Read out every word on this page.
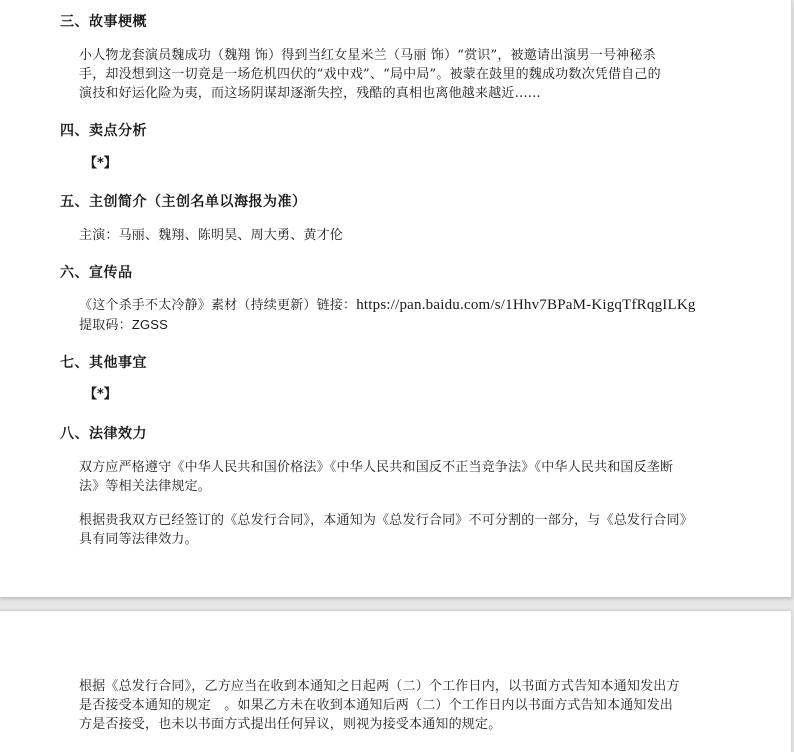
三、故事梗概
小人物龙套演员魏成功（魏翔 饰）得到当红女星米兰（马丽 饰）“赏识”，被邀请出演男一号神秘杀
手，却没想到这一切竟是一场危机四伏的“戏中戏”、“局中局”。被蒙在鼓里的魏成功数次凭借自己的
演技和好运化险为夷，而这场阴谋却逐渐失控，残酷的真相也离他越来越近……
四、卖点分析
【*】
五、主创简介（主创名单以海报为准）
主演：马丽、魏翔、陈明昊、周大勇、黄才伦
六、宣传品
《这个杀手不太冷静》素材（持续更新）链接：https://pan.baidu.com/s/1Hhv7BPaM-KigqTfRqgILKg
提取码：ZGSS
七、其他事宜
【*】
八、法律效力
双方应严格遵守《中华人民共和国价格法》《中华人民共和国反不正当竞争法》《中华人民共和国反垄断
法》等相关法律规定。
根据贵我双方已经签订的《总发行合同》，本通知为《总发行合同》不可分割的一部分，与《总发行合同》
具有同等法律效力。
根据《总发行合同》，乙方应当在收到本通知之日起两（二）个工作日内，以书面方式告知本通知发出方
是否接受本通知的规定　。如果乙方未在收到本通知后两（二）个工作日内以书面方式告知本通知发出
方是否接受，也未以书面方式提出任何异议，则视为接受本通知的规定。
